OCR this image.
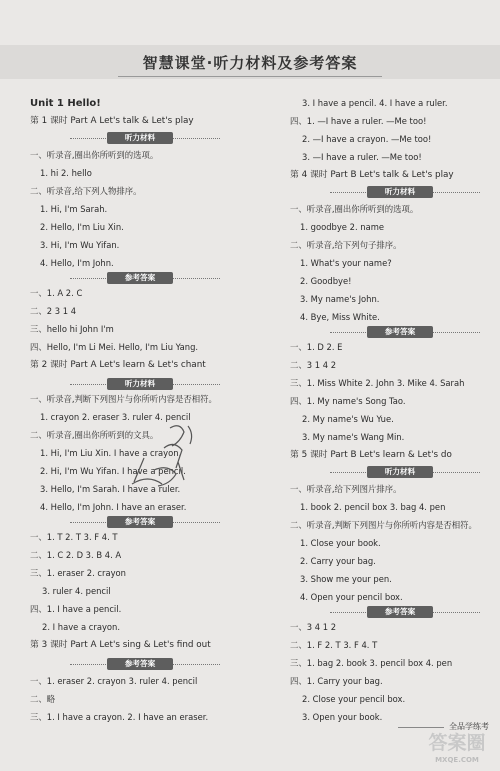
智慧课堂·听力材料及参考答案
Unit 1 Hello!
第 1 课时 Part A Let's talk & Let's play
一、听录音,圈出你所听到的选项。
1. hi 2. hello
二、听录音,给下列人物排序。
1. Hi, I'm Sarah.
2. Hello, I'm Liu Xin.
3. Hi, I'm Wu Yifan.
4. Hello, I'm John.
一、1. A 2. C
二、2 3 1 4
三、hello hi John I'm
四、Hello, I'm Li Mei. Hello, I'm Liu Yang.
第 2 课时 Part A Let's learn & Let's chant
一、听录音,判断下列图片与你所听内容是否相符。
1. crayon 2. eraser 3. ruler 4. pencil
二、听录音,圈出你所听到的文具。
1. Hi, I'm Liu Xin. I have a crayon.
2. Hi, I'm Wu Yifan. I have a pencil.
3. Hello, I'm Sarah. I have a ruler.
4. Hello, I'm John. I have an eraser.
一、1. T 2. T 3. F 4. T
二、1. C 2. D 3. B 4. A
三、1. eraser 2. crayon
3. ruler 4. pencil
四、1. I have a pencil.
2. I have a crayon.
第 3 课时 Part A Let's sing & Let's find out
一、1. eraser 2. crayon 3. ruler 4. pencil
二、略
三、1. I have a crayon. 2. I have an eraser.
听力材料
参考答案
听力材料
参考答案
参考答案
3. I have a pencil. 4. I have a ruler.
四、1. —I have a ruler. —Me too!
2. —I have a crayon. —Me too!
3. —I have a ruler. —Me too!
第 4 课时 Part B Let's talk & Let's play
一、听录音,圈出你所听到的选项。
1. goodbye 2. name
二、听录音,给下列句子排序。
1. What's your name?
2. Goodbye!
3. My name's John.
4. Bye, Miss White.
一、1. D 2. E
二、3 1 4 2
三、1. Miss White 2. John 3. Mike 4. Sarah
四、1. My name's Song Tao.
2. My name's Wu Yue.
3. My name's Wang Min.
第 5 课时 Part B Let's learn & Let's do
一、听录音,给下列图片排序。
1. book 2. pencil box 3. bag 4. pen
二、听录音,判断下列图片与你所听内容是否相符。
1. Close your book.
2. Carry your bag.
3. Show me your pen.
4. Open your pencil box.
一、3 4 1 2
二、1. F 2. T 3. F 4. T
三、1. bag 2. book 3. pencil box 4. pen
四、1. Carry your bag.
2. Close your pencil box.
3. Open your book.
听力材料
参考答案
听力材料
参考答案
全品学练考
答案圈
MXQE.COM
